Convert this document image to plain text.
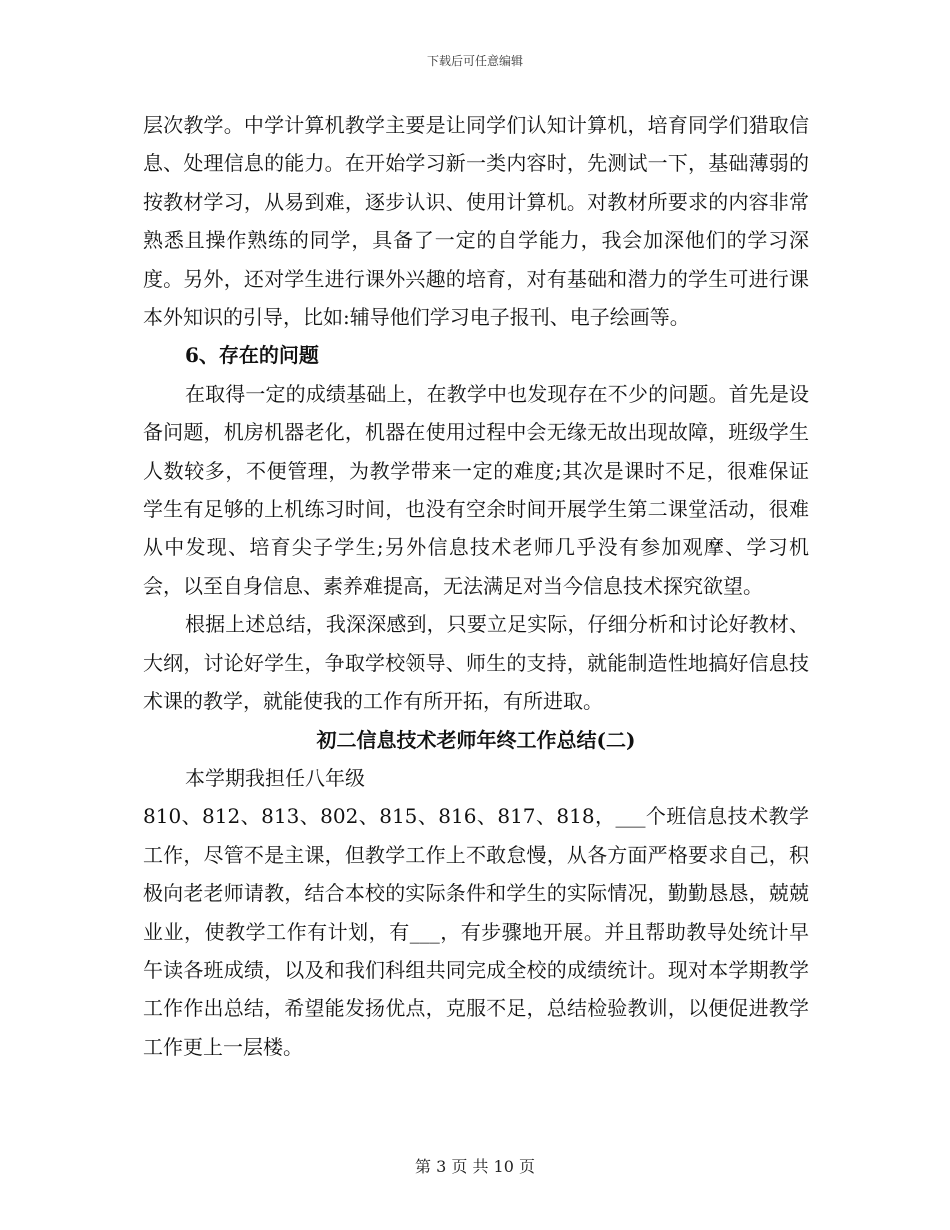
下载后可任意编辑

层次教学。中学计算机教学主要是让同学们认知计算机，培育同学们猎取信息、处理信息的能力。在开始学习新一类内容时，先测试一下，基础薄弱的按教材学习，从易到难，逐步认识、使用计算机。对教材所要求的内容非常熟悉且操作熟练的同学，具备了一定的自学能力，我会加深他们的学习深度。另外，还对学生进行课外兴趣的培育，对有基础和潜力的学生可进行课本外知识的引导，比如:辅导他们学习电子报刊、电子绘画等。

6、存在的问题

在取得一定的成绩基础上，在教学中也发现存在不少的问题。首先是设备问题，机房机器老化，机器在使用过程中会无缘无故出现故障，班级学生人数较多，不便管理，为教学带来一定的难度;其次是课时不足，很难保证学生有足够的上机练习时间，也没有空余时间开展学生第二课堂活动，很难从中发现、培育尖子学生;另外信息技术老师几乎没有参加观摩、学习机会，以至自身信息、素养难提高，无法满足对当今信息技术探究欲望。

根据上述总结，我深深感到，只要立足实际，仔细分析和讨论好教材、大纲，讨论好学生，争取学校领导、师生的支持，就能制造性地搞好信息技术课的教学，就能使我的工作有所开拓，有所进取。

初二信息技术老师年终工作总结(二)

本学期我担任八年级

810、812、813、802、815、816、817、818，___个班信息技术教学工作，尽管不是主课，但教学工作上不敢怠慢，从各方面严格要求自己，积极向老老师请教，结合本校的实际条件和学生的实际情况，勤勤恳恳，兢兢业业，使教学工作有计划，有___，有步骤地开展。并且帮助教导处统计早午读各班成绩，以及和我们科组共同完成全校的成绩统计。现对本学期教学工作作出总结，希望能发扬优点，克服不足，总结检验教训，以便促进教学工作更上一层楼。

第 3 页 共 10 页
